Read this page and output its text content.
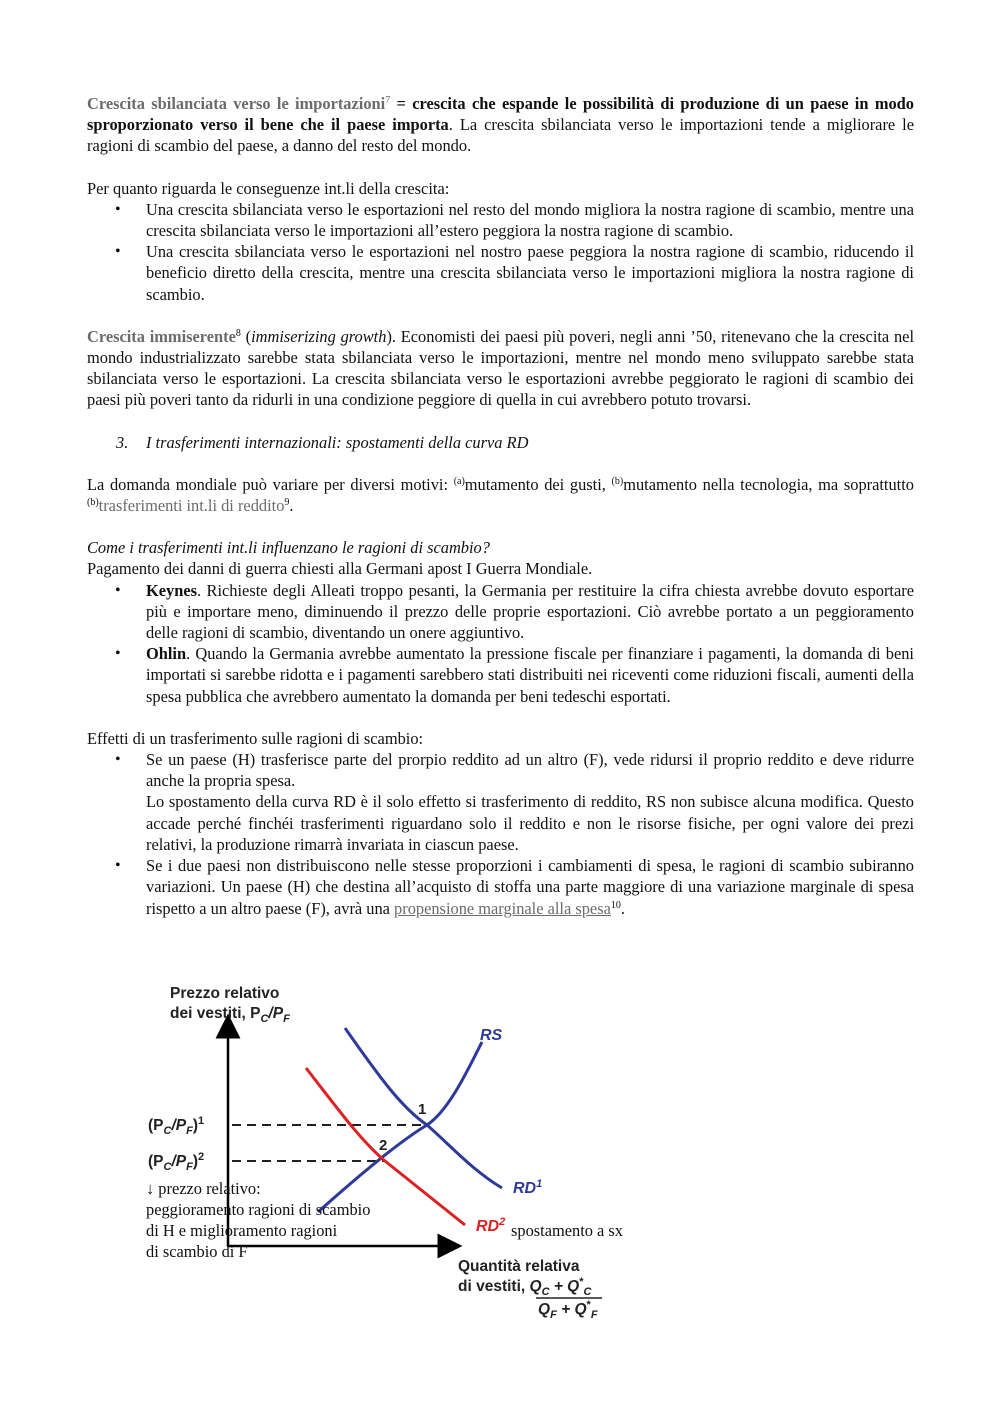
Crescita sbilanciata verso le importazioni$^7$ = crescita che espande le possibilità di produzione di un paese in modo sproporzionato verso il bene che il paese importa. La crescita sbilanciata verso le importazioni tende a migliorare le ragioni di scambio del paese, a danno del resto del mondo.

Per quanto riguarda le conseguenze int.li della crescita:

• Una crescita sbilanciata verso le esportazioni nel resto del mondo migliora la nostra ragione di scambio, mentre una crescita sbilanciata verso le importazioni all’estero peggiora la nostra ragione di scambio.
• Una crescita sbilanciata verso le esportazioni nel nostro paese peggiora la nostra ragione di scambio, riducendo il beneficio diretto della crescita, mentre una crescita sbilanciata verso le importazioni migliora la nostra ragione di scambio.

Crescita immiserente$^8$ (immiserizing growth). Economisti dei paesi più poveri, negli anni ’50, ritenevano che la crescita nel mondo industrializzato sarebbe stata sbilanciata verso le importazioni, mentre nel mondo meno sviluppato sarebbe stata sbilanciata verso le esportazioni. La crescita sbilanciata verso le esportazioni avrebbe peggiorato le ragioni di scambio dei paesi più poveri tanto da ridurli in una condizione peggiore di quella in cui avrebbero potuto trovarsi.

3. I trasferimenti internazionali: spostamenti della curva RD

La domanda mondiale può variare per diversi motivi: $^{(a)}$mutamento dei gusti, $^{(b)}$mutamento nella tecnologia, ma soprattutto $^{(b)}$trasferimenti int.li di reddito$^9$.

Come i trasferimenti int.li influenzano le ragioni di scambio?

Pagamento dei danni di guerra chiesti alla Germani apost I Guerra Mondiale.

• Keynes. Richieste degli Alleati troppo pesanti, la Germania per restituire la cifra chiesta avrebbe dovuto esportare più e importare meno, diminuendo il prezzo delle proprie esportazioni. Ciò avrebbe portato a un peggioramento delle ragioni di scambio, diventando un onere aggiuntivo.
• Ohlin. Quando la Germania avrebbe aumentato la pressione fiscale per finanziare i pagamenti, la domanda di beni importati si sarebbe ridotta e i pagamenti sarebbero stati distribuiti nei riceventi come riduzioni fiscali, aumenti della spesa pubblica che avrebbero aumentato la domanda per beni tedeschi esportati.

Effetti di un trasferimento sulle ragioni di scambio:

• Se un paese (H) trasferisce parte del prorpio reddito ad un altro (F), vede ridursi il proprio reddito e deve ridurre anche la propria spesa.
Lo spostamento della curva RD è il solo effetto si trasferimento di reddito, RS non subisce alcuna modifica. Questo accade perché finchéi trasferimenti riguardano solo il reddito e non le risorse fisiche, per ogni valore dei prezi relativi, la produzione rimarrà invariata in ciascun paese.
• Se i due paesi non distribuiscono nelle stesse proporzioni i cambiamenti di spesa, le ragioni di scambio subiranno variazioni. Un paese (H) che destina all’acquisto di stoffa una parte maggiore di una variazione marginale di spesa rispetto a un altro paese (F), avrà una propensione marginale alla spesa$^{10}$.
Prezzo relativo
dei vestiti, $P_C/P_F$
$(P_C/P_F)^1$
$(P_C/P_F)^2$
RS
$RD^1$
$RD^2$
1
2
Quantità relativa
di vestiti, $Q_C + Q^*_C$
$Q_F + Q^*_F$
↓ prezzo relativo:
peggioramento ragioni di scambio
di H e miglioramento ragioni
di scambio di F
spostamento a sx
